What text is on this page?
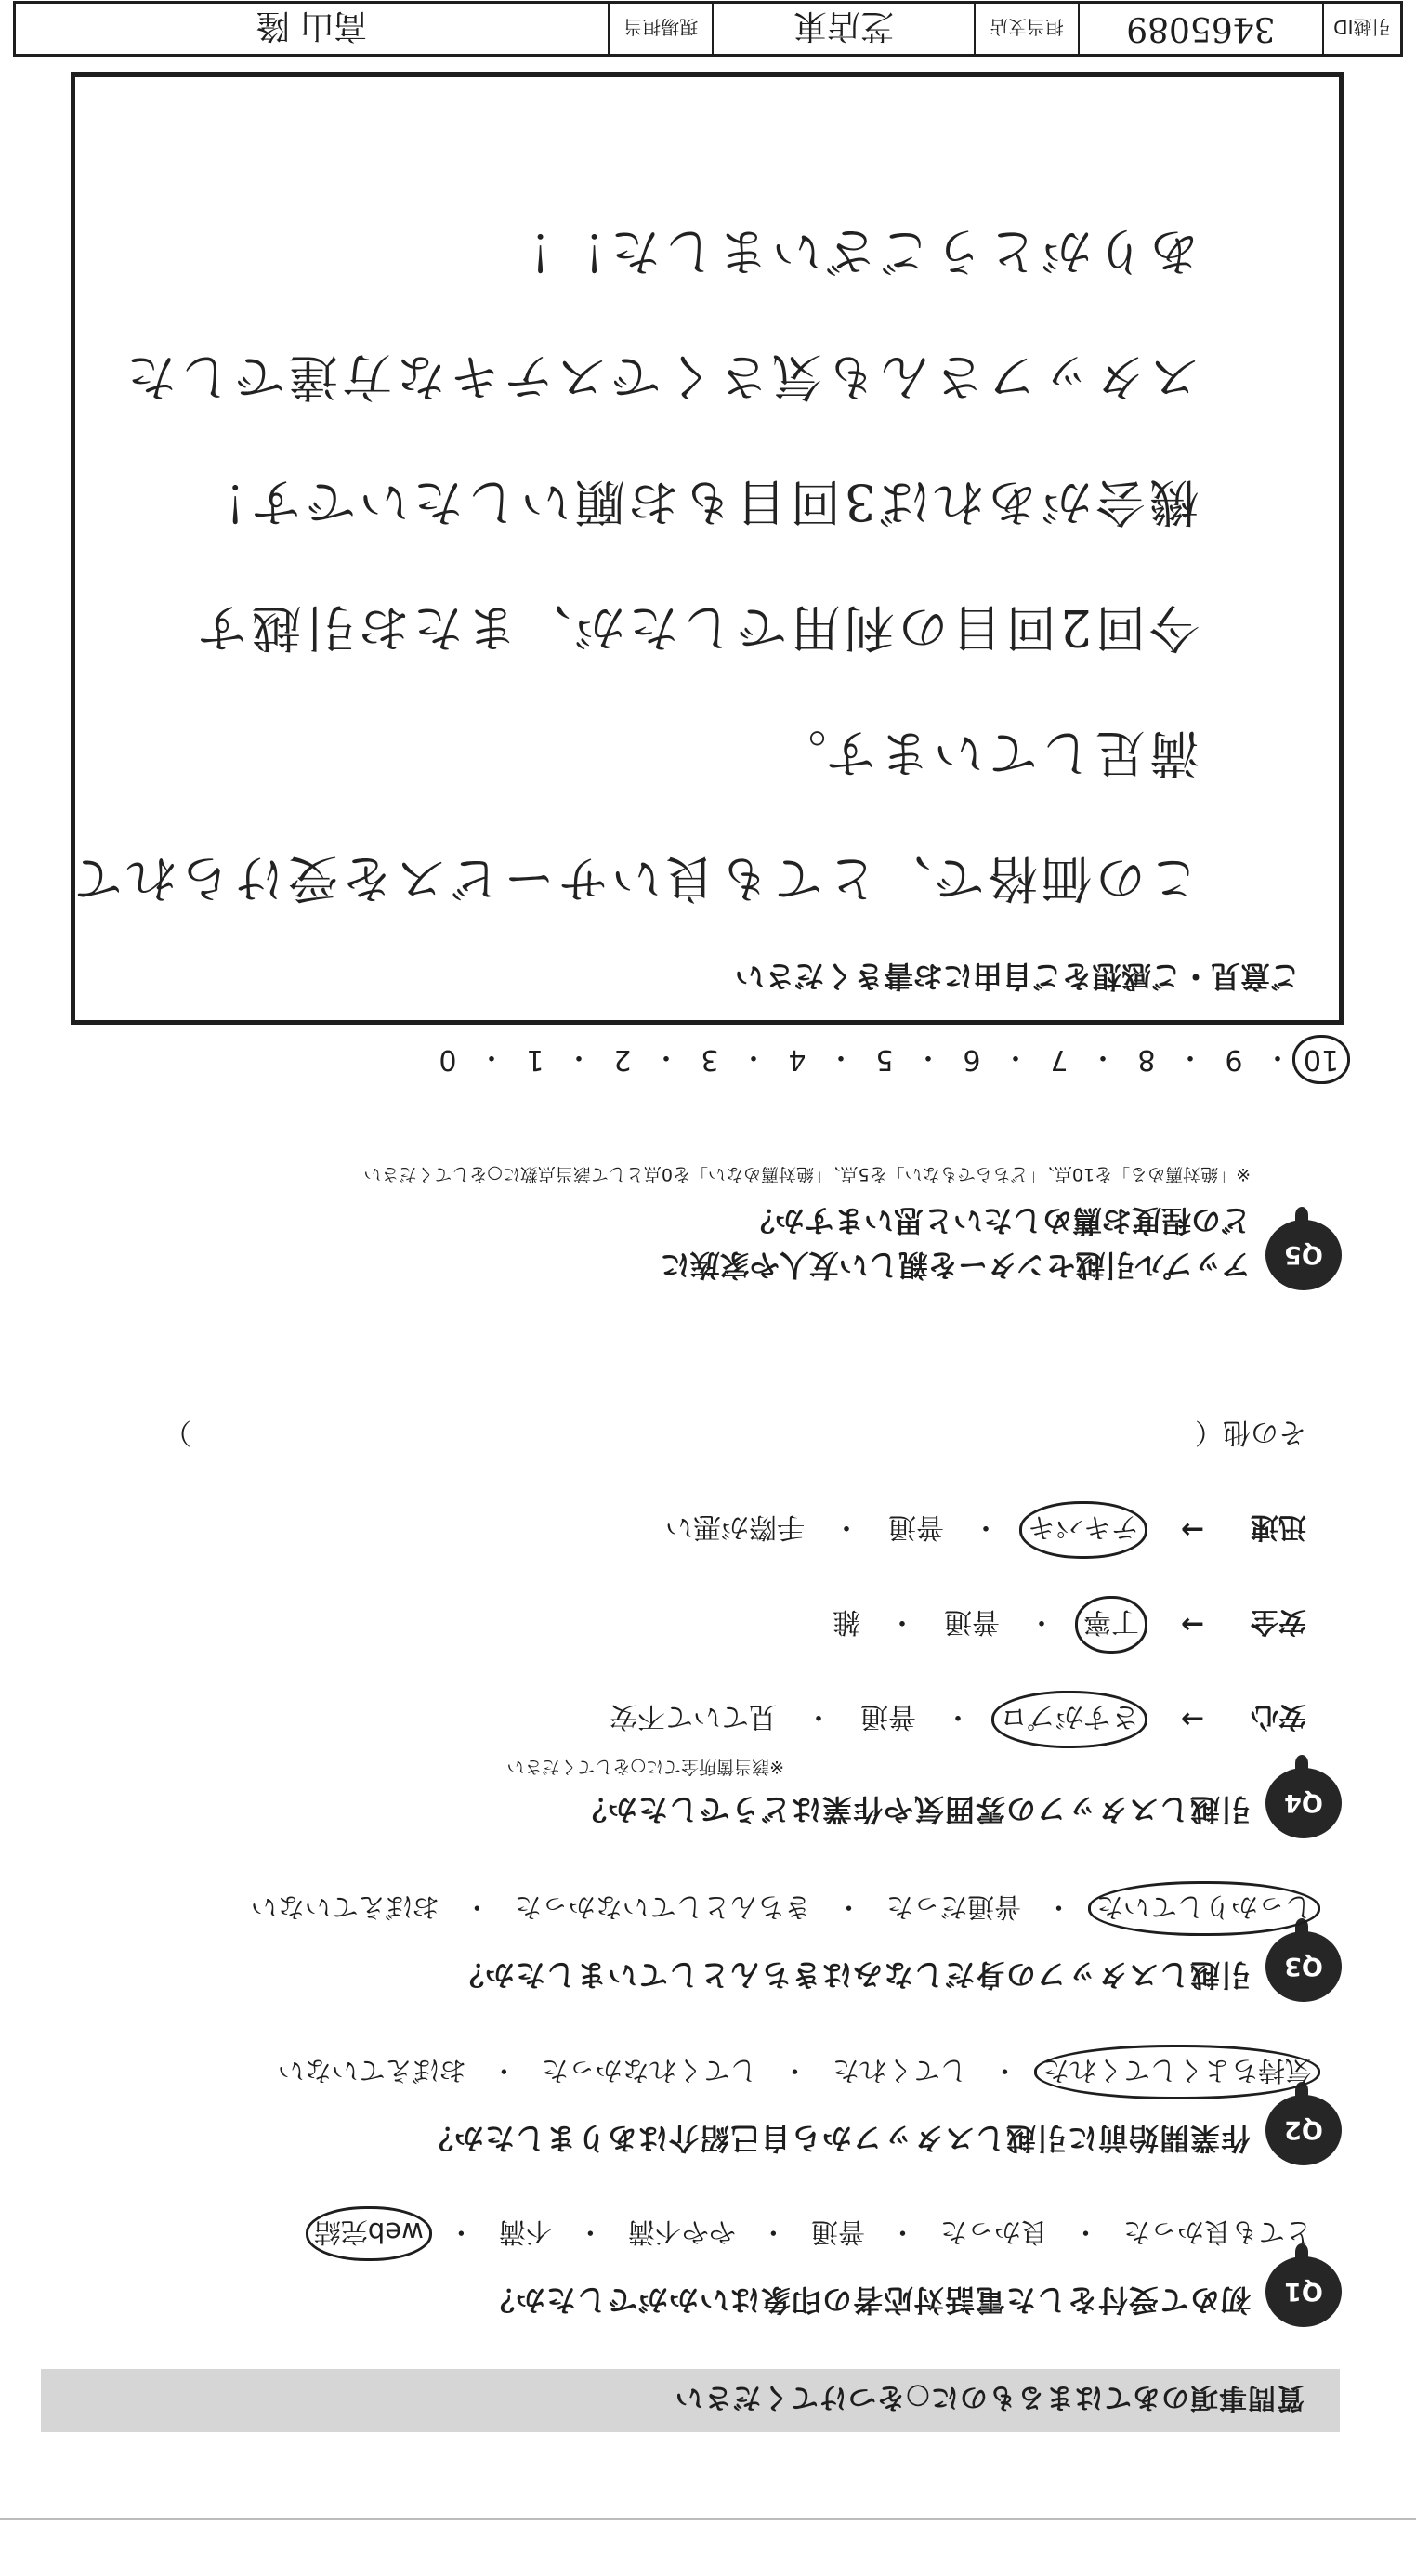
質問事項のあてはまるものに○をつけてください
Q1
初めて受付をした電話対応者の印象はいかがでしたか？
とても良かった
・
良かった
・
普通
・
やや不満
・
不満
・
web完結
Q2
作業開始前に引越しスタッフから自己紹介はありましたか？
気持ちよくしてくれた
・
してくれた
・
してくれなかった
・
おぼえていない
Q3
引越しスタッフの身だしなみはきちんとしていましたか？
しっかりしていた
・
普通だった
・
きちんとしていなかった
・
おぼえていない
Q4
引越しスタッフの雰囲気や作業はどうでしたか？
※該当箇所全てに○をしてください
安心
→
さすがプロ
・
普通
・
見ていて不安
安全
→
丁寧
・
普通
・
雑
迅速
→
テキパキ
・
普通
・
手際が悪い
その他（　　　　　　　　　　　　　　　　　　　　　　　　　　　　　　　　　　　　）
Q5
アップル引越センターを親しい友人や家族に
どの程度お薦めしたいと思いますか？
※「絶対薦める」を10点、「どちらでもない」を5点、「絶対薦めない」を0点として該当点数に○をしてください
10
・
9
・
8
・
7
・
6
・
5
・
4
・
3
・
2
・
1
・
0
ご意見・ご感想をご自由にお書きください
この価格で、とても良いサービスを受けられて
満足しています。
今回2回目の利用でしたが、またお引越す
機会があれば3回目もお願いしたいです！
スタッフさんも気さくでステキな方達でした
ありがとうございました！！
引越ID
3465089
担当支店
芝店東
現場担当
高山 隆
